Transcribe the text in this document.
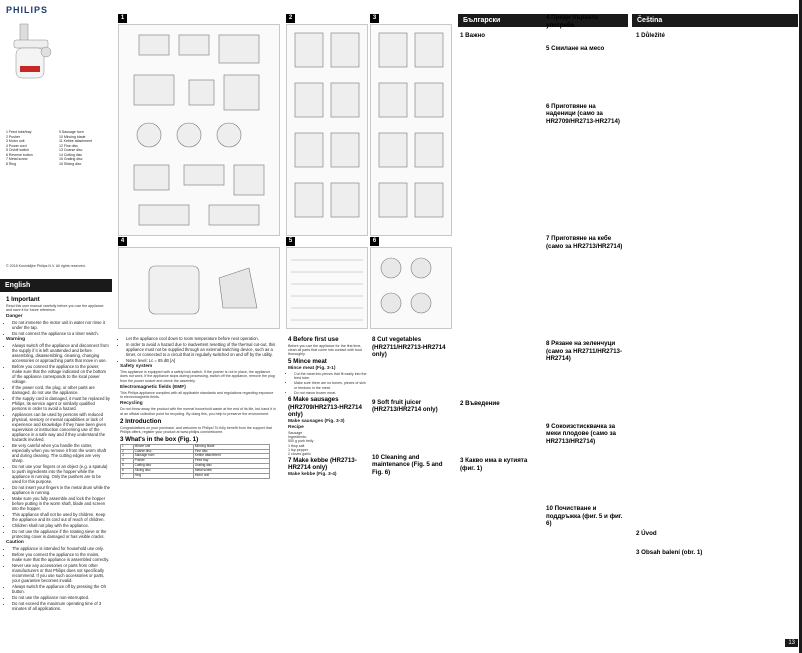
PHILIPS
1 Feed tube/tray	9 Sausage horn
2 Pusher	10 Mincing blade
3 Motor unit	11 Kebbe attachment
4 Power cord	12 Fine disc
5 On/off switch	13 Coarse disc
6 Reverse button	14 Cutting disc
7 Metal screw	15 Grating disc
8 Ring	16 Slicing disc
© 2018 Koninklijke Philips N.V. All rights reserved.
English
1 Important

Read this user manual carefully before you use the appliance and save it for future reference.

Danger
• Do not immerse the motor unit in water nor rinse it under the tap.
• Do not connect the appliance to a timer switch.
Warning
• Always switch off the appliance and disconnect from the supply if it is left unattended and before assembling, disassembling, cleaning, changing accessories or approaching parts that move in use.
• Before you connect the appliance to the power, make sure that the voltage indicated on the bottom of the appliance corresponds to the local power voltage.
• If the power cord, the plug, or other parts are damaged, do not use the appliance.
• If the supply cord is damaged, it must be replaced by Philips, its service agent or similarly qualified persons in order to avoid a hazard.
• Appliances can be used by persons with reduced physical, sensory or mental capabilities or lack of experience and knowledge if they have been given supervision or instruction concerning use of the appliance in a safe way and if they understand the hazards involved.
• Be very careful when you handle the cutter, especially when you remove it from the worm shaft and during cleaning. The cutting edges are very sharp.
• Do not use your fingers or an object (e.g. a spatula) to push ingredients into the hopper while the appliance is running. Only the pushers are to be used for this purpose.
• Do not insert your fingers in the metal drum while the appliance is running.
• Make sure you fully assemble and lock the hopper before putting in the worm shaft, blade and screen into the hopper.
• This appliance shall not be used by children. Keep the appliance and its cord out of reach of children.
• Children shall not play with the appliance.
• Do not use the appliance if the rotating sieve or the protecting cover is damaged or has visible cracks.
Caution
• The appliance is intended for household use only.
• Before you connect the appliance to the mains, make sure that the appliance is assembled correctly.
• Never use any accessories or parts from other manufacturers or that Philips does not specifically recommend. If you use such accessories or parts, your guarantee becomes invalid.
• Always switch the appliance off by pressing the O/I button.
• Do not use the appliance non-interrupted.
• Do not exceed the maximum operating time of 3 minutes of all applications.
1
4
• Let the appliance cool down to room temperature before next operation.
• In order to avoid a hazard due to inadvertent resetting of the thermal cut-out, this appliance must not be supplied through an external switching device, such as a timer, or connected to a circuit that is regularly switched on and off by the utility.
• Noise level: Lc = 85 dB [A]
Safety system

This appliance is equipped with a safety lock switch. If the pusher is not in place, the appliance does not work. If the appliance stops during processing, switch off the appliance, remove the plug from the power socket and check the assembly.

Electromagnetic fields (EMF)

This Philips appliance complies with all applicable standards and regulations regarding exposure to electromagnetic fields.

Recycling

Do not throw away the product with the normal household waste at the end of its life, but hand it in at an official collection point for recycling. By doing this, you help to preserve the environment.

2 Introduction

Congratulations on your purchase, and welcome to Philips! To fully benefit from the support that Philips offers, register your product at www.philips.com/welcome.

3 What's in the box (Fig. 1)
1	Mincer unit	Mincing blade
2	Coarse disc	Fine disc
3	Sausage horn	Kebbe attachment
4	Pusher	Feed tray
5	Cutting disc	Grating disc
6	Slicing disc	Metal screw
7	Ring	Motor unit
2	3
5	6
4 Before first use

Before you use the appliance for the first time, clean all parts that come into contact with food thoroughly.

5 Mince meat
Mince meat (Fig. 3-1)
• Cut the meat into pieces that fit easily into the feed tube.
• Make sure there are no bones, pieces of skin or tendons in the meat.
• Do not mince frozen meat.
6 Make sausages (HR2709/HR2713-HR2714 only)
Make sausages (Fig. 3-3)
Recipe
Sausage
Ingredients:
500 g pork belly
1 tbsp salt
1 tsp pepper
2 cloves garlic
7 Make kebbe (HR2713-HR2714 only)
Make kebbe (Fig. 3-4)
8 Cut vegetables (HR2711/HR2713-HR2714 only)
9 Soft fruit juicer (HR2713/HR2714 only)
10 Cleaning and maintenance (Fig. 5 and Fig. 6)
Български
1 Важно
2 Въведение
3 Какво има в кутията (фиг. 1)
4 Преди първата употреба
5 Смилане на месо
6 Приготвяне на наденици (само за HR2709/HR2713-HR2714)
7 Приготвяне на кебе (само за HR2713/HR2714)
8 Рязане на зеленчуци (само за HR2711/HR2713-HR2714)
9 Сокоизстисквачка за меки плодове (само за HR2713/HR2714)
10 Почистване и поддръжка (фиг. 5 и фиг. 6)
Čeština
1 Důležité
2 Úvod
3 Obsah balení (obr. 1)
13
